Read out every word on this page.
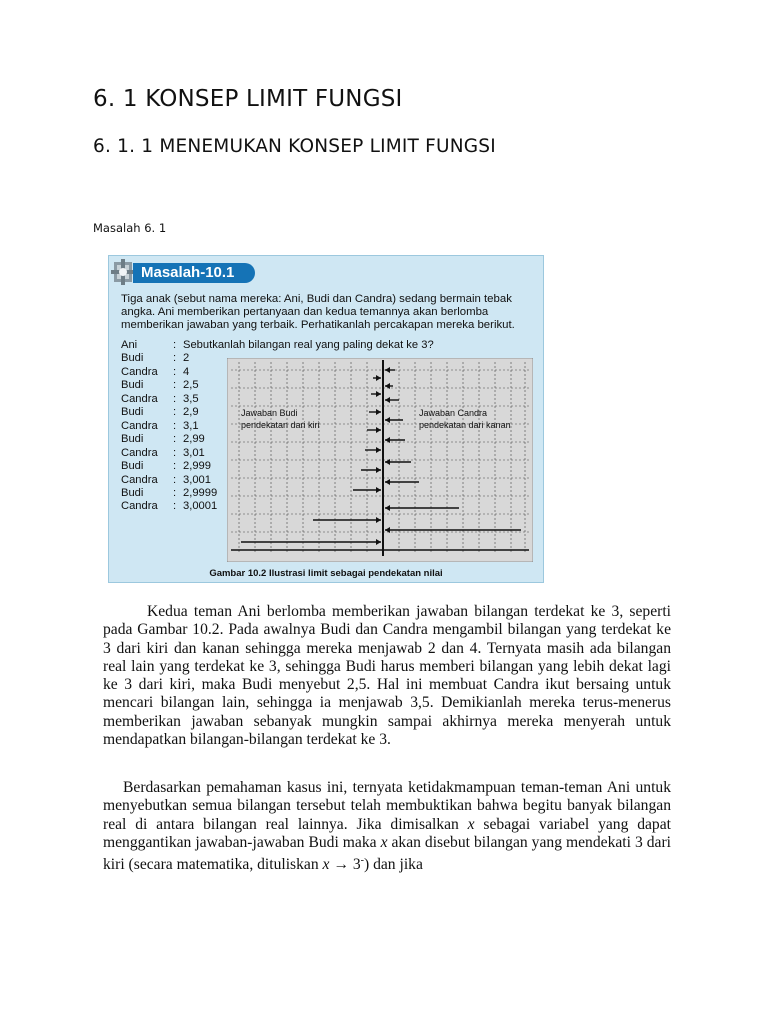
6. 1 KONSEP LIMIT FUNGSI
6. 1. 1 MENEMUKAN KONSEP LIMIT FUNGSI
Masalah 6. 1
Masalah-10.1
Tiga anak (sebut nama mereka: Ani, Budi dan Candra) sedang bermain tebak angka. Ani memberikan pertanyaan dan kedua temannya akan berlomba memberikan jawaban yang terbaik. Perhatikanlah percakapan mereka berikut.
Ani	: Sebutkanlah bilangan real yang paling dekat ke 3?
Budi	: 2
Candra : 4
Budi	: 2,5
Candra : 3,5
Budi	: 2,9
Candra : 3,1
Budi	: 2,99
Candra : 3,01
Budi	: 2,999
Candra : 3,001
Budi	: 2,9999
Candra : 3,0001
Jawaban Budi
pendekatan dari kiri
Jawaban Candra
pendekatan dari kanan
Gambar 10.2 Ilustrasi limit sebagai pendekatan nilai
Kedua teman Ani berlomba memberikan jawaban bilangan terdekat ke 3, seperti pada Gambar 10.2. Pada awalnya Budi dan Candra mengambil bilangan yang terdekat ke 3 dari kiri dan kanan sehingga mereka menjawab 2 dan 4. Ternyata masih ada bilangan real lain yang terdekat ke 3, sehingga Budi harus memberi bilangan yang lebih dekat lagi ke 3 dari kiri, maka Budi menyebut 2,5. Hal ini membuat Candra ikut bersaing untuk mencari bilangan lain, sehingga ia menjawab 3,5. Demikianlah mereka terus-menerus memberikan jawaban sebanyak mungkin sampai akhirnya mereka menyerah untuk mendapatkan bilangan-bilangan terdekat ke 3.
Berdasarkan pemahaman kasus ini, ternyata ketidakmampuan teman-teman Ani untuk menyebutkan semua bilangan tersebut telah membuktikan bahwa begitu banyak bilangan real di antara bilangan real lainnya. Jika dimisalkan x sebagai variabel yang dapat menggantikan jawaban-jawaban Budi maka x akan disebut bilangan yang mendekati 3 dari kiri (secara matematika, dituliskan x → 3-) dan jika
